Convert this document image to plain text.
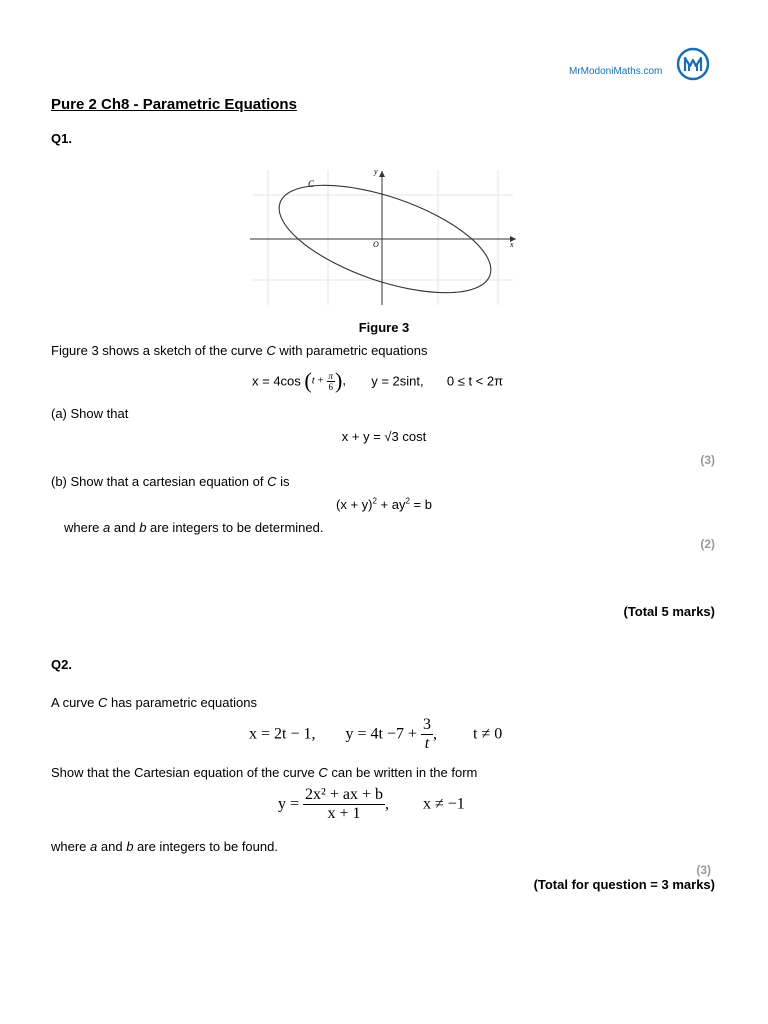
MrModoniMaths.com
Pure 2 Ch8 - Parametric Equations
Q1.
C
y
x
O
Figure 3
Figure 3 shows a sketch of the curve C with parametric equations
x = 4cos ($t + \frac{\pi}{6}$ ),  y = 2sint, 0 ≤ t < 2π
(a) Show that
x + y = √3 cost
(3)
(b) Show that a cartesian equation of C is
$(x + y)^2 + ay^2 = b$
where a and b are integers to be determined.
(2)
(Total 5 marks)
Q2.
A curve C has parametric equations
x = 2t − 1, $y = 4t -7 + \frac{3}{t}$ , t ≠ 0
Show that the Cartesian equation of the curve C can be written in the form
$y = \frac{\text{2x² + ax + b}}{x + 1}$ , x ≠ −1
where a and b are integers to be found.
(3)
(Total for question = 3 marks)
